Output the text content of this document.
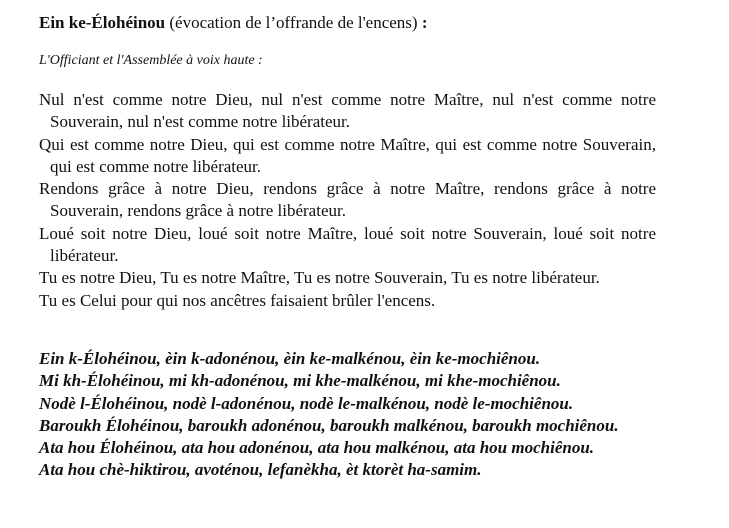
Ein ke-Élohéinou (évocation de l’offrande de l'encens) :
L'Officiant et l'Assemblée à voix haute :

Nul n'est comme notre Dieu, nul n'est comme notre Maître, nul n'est comme notre Souverain, nul n'est comme notre libérateur.

Qui est comme notre Dieu, qui est comme notre Maître, qui est comme notre Souverain, qui est comme notre libérateur.

Rendons grâce à notre Dieu, rendons grâce à notre Maître, rendons grâce à notre Souverain, rendons grâce à notre libérateur.

Loué soit notre Dieu, loué soit notre Maître, loué soit notre Souverain, loué soit notre libérateur.

Tu es notre Dieu, Tu es notre Maître, Tu es notre Souverain, Tu es notre libérateur.

Tu es Celui pour qui nos ancêtres faisaient brûler l'encens.

Ein k-Élohéinou, èin k-adonénou, èin ke-malkénou, èin ke-mochiênou.

Mi kh-Élohéinou, mi kh-adonénou, mi khe-malkénou, mi khe-mochiênou.

Nodè l-Élohéinou, nodè l-adonénou, nodè le-malkénou, nodè le-mochiênou.

Baroukh Élohéinou, baroukh adonénou, baroukh malkénou, baroukh mochiênou.

Ata hou Élohéinou, ata hou adonénou, ata hou malkénou, ata hou mochiênou.

Ata hou chè-hiktirou, avoténou, lefanèkha, èt ktorèt ha-samim.
